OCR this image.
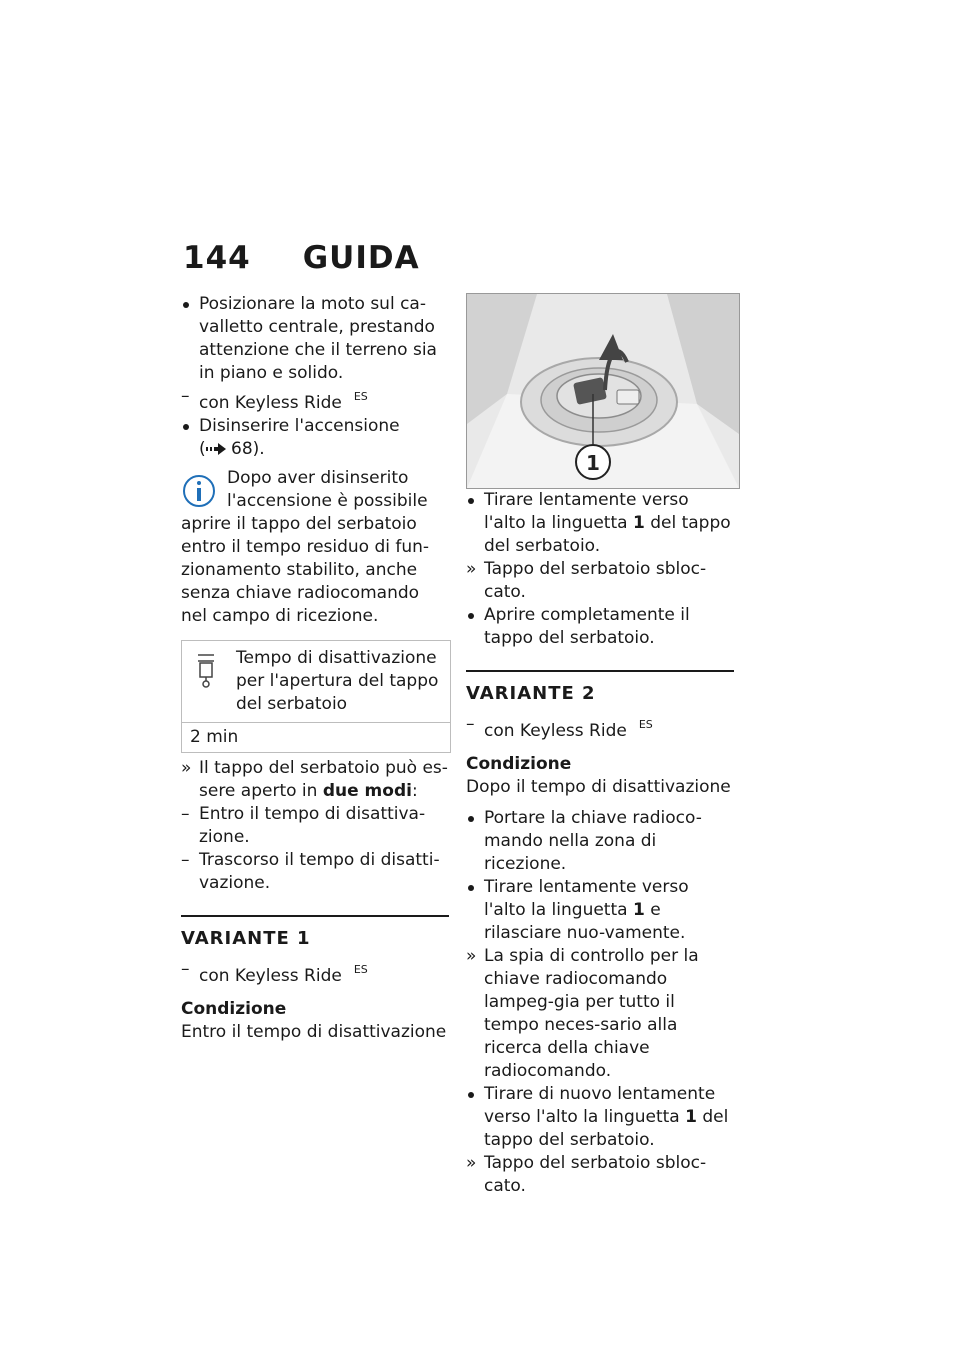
144 GUIDA

Posizionare la moto sul ca-valletto centrale, prestando attenzione che il terreno sia in piano e solido.

– con Keyless Ride $^{ES}$

Disinserire l'accensione
( 68).

Dopo aver disinserito l'accensione è possibile

aprire il tappo del serbatoio entro il tempo residuo di fun-zionamento stabilito, anche senza chiave radiocomando nel campo di ricezione.

Tempo di disattivazione per l'apertura del tappo del serbatoio
2 min

» Il tappo del serbatoio può es-sere aperto in due modi:

– Entro il tempo di disattiva-zione.

– Trascorso il tempo di disatti-vazione.

VARIANTE 1

– con Keyless Ride $^{ES}$

Condizione
Entro il tempo di disattivazione
1

Tirare lentamente verso l'alto la linguetta 1 del tappo del serbatoio.

» Tappo del serbatoio sbloc-cato.

Aprire completamente il tappo del serbatoio.

VARIANTE 2

– con Keyless Ride $^{ES}$

Condizione
Dopo il tempo di disattivazione

Portare la chiave radioco-mando nella zona di ricezione.

Tirare lentamente verso l'alto la linguetta 1 e rilasciare nuo-vamente.

» La spia di controllo per la chiave radiocomando lampeg-gia per tutto il tempo neces-sario alla ricerca della chiave radiocomando.

Tirare di nuovo lentamente verso l'alto la linguetta 1 del tappo del serbatoio.

» Tappo del serbatoio sbloc-cato.
